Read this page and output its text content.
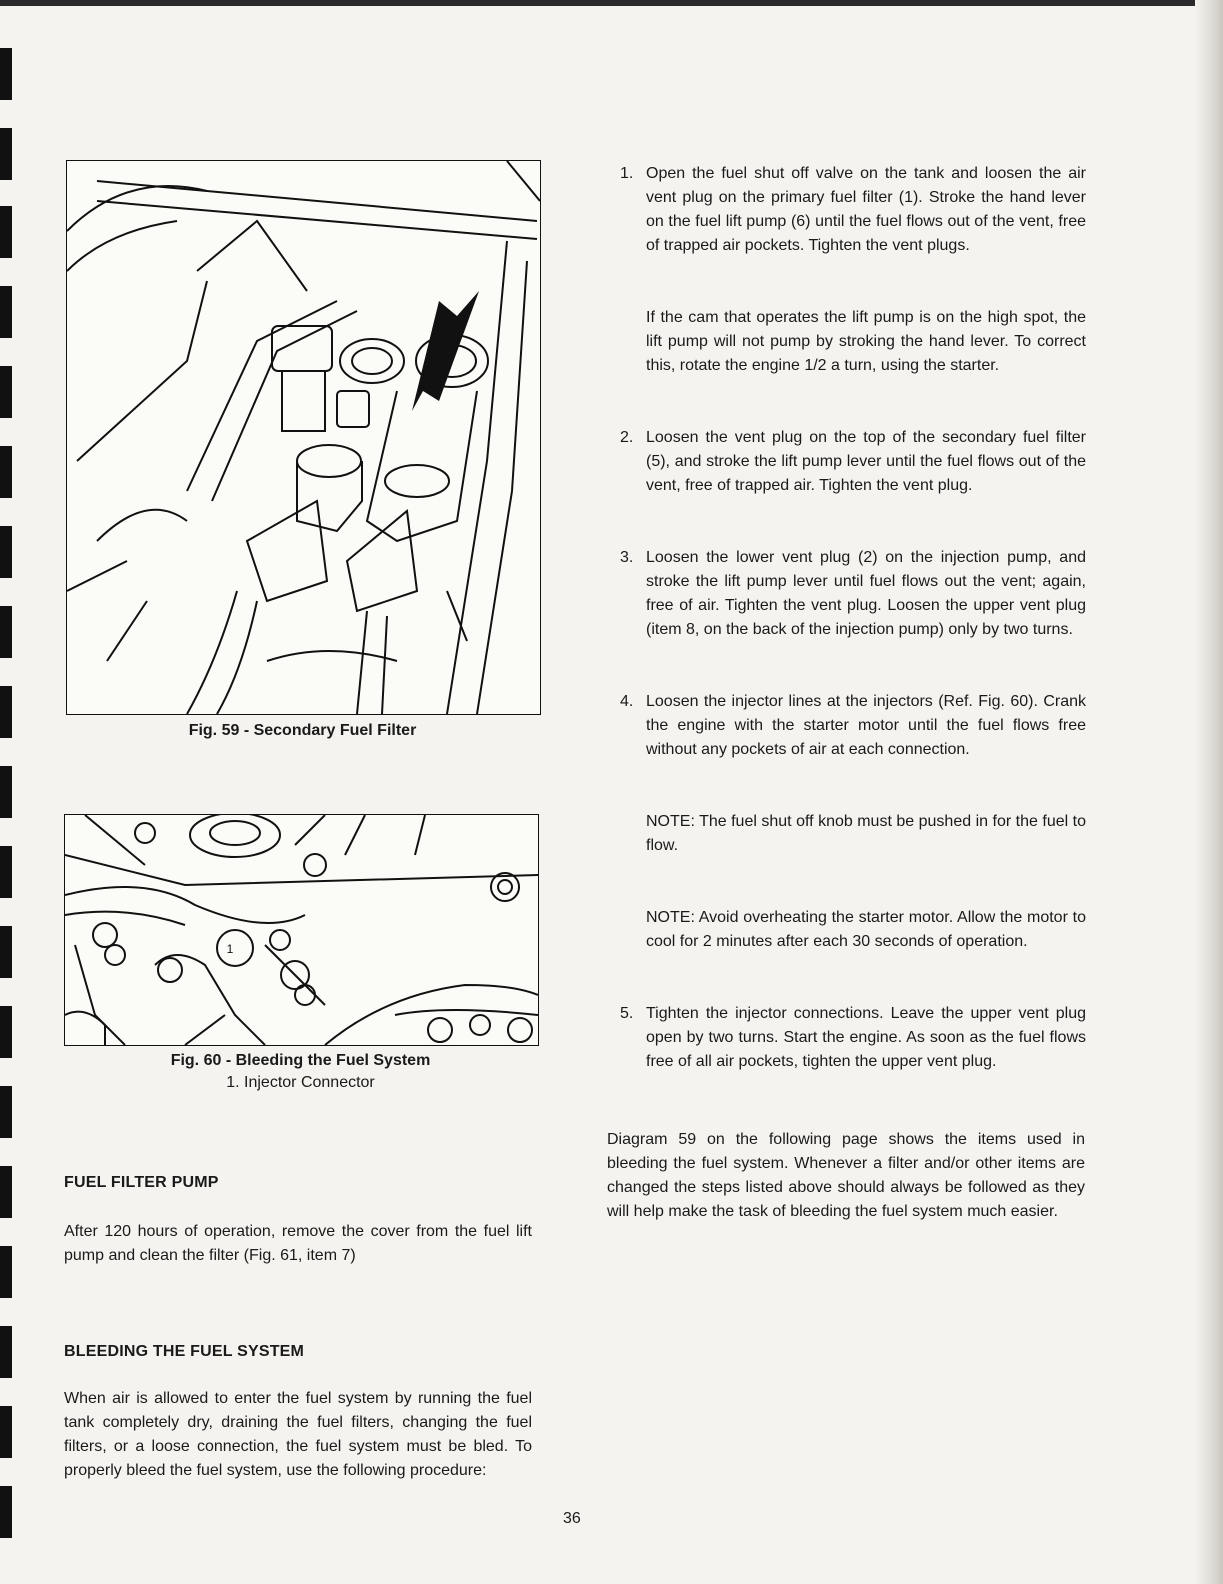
Fig. 59 - Secondary Fuel Filter
1
Fig. 60 - Bleeding the Fuel System
1. Injector Connector
FUEL FILTER PUMP

After 120 hours of operation, remove the cover from the fuel lift pump and clean the filter (Fig. 61, item 7)

BLEEDING THE FUEL SYSTEM

When air is allowed to enter the fuel system by running the fuel tank completely dry, draining the fuel filters, changing the fuel filters, or a loose connection, the fuel system must be bled. To properly bleed the fuel system, use the following procedure:

1. Open the fuel shut off valve on the tank and loosen the air vent plug on the primary fuel filter (1). Stroke the hand lever on the fuel lift pump (6) until the fuel flows out of the vent, free of trapped air pockets. Tighten the vent plugs.
If the cam that operates the lift pump is on the high spot, the lift pump will not pump by stroking the hand lever. To correct this, rotate the engine 1/2 a turn, using the starter.
2. Loosen the vent plug on the top of the secondary fuel filter (5), and stroke the lift pump lever until the fuel flows out of the vent, free of trapped air. Tighten the vent plug.
3. Loosen the lower vent plug (2) on the injection pump, and stroke the lift pump lever until fuel flows out the vent; again, free of air. Tighten the vent plug. Loosen the upper vent plug (item 8, on the back of the injection pump) only by two turns.
4. Loosen the injector lines at the injectors (Ref. Fig. 60). Crank the engine with the starter motor until the fuel flows free without any pockets of air at each connection.
NOTE: The fuel shut off knob must be pushed in for the fuel to flow.
NOTE: Avoid overheating the starter motor. Allow the motor to cool for 2 minutes after each 30 seconds of operation.
5. Tighten the injector connections. Leave the upper vent plug open by two turns. Start the engine. As soon as the fuel flows free of all air pockets, tighten the upper vent plug.

Diagram 59 on the following page shows the items used in bleeding the fuel system. Whenever a filter and/or other items are changed the steps listed above should always be followed as they will help make the task of bleeding the fuel system much easier.

36
